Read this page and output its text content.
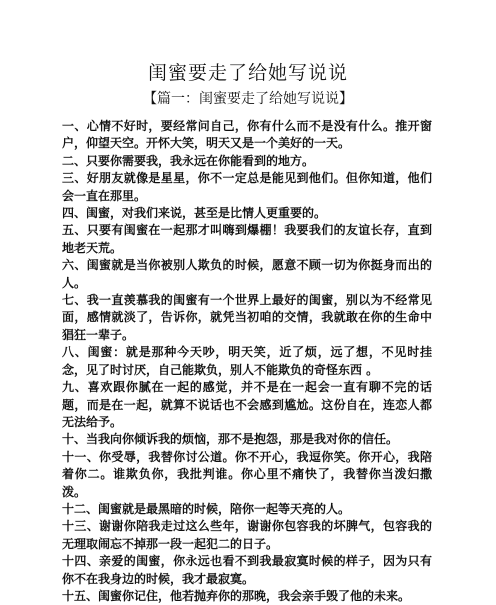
闺蜜要走了给她写说说
【篇一：闺蜜要走了给她写说说】

一、心情不好时，要经常问自己，你有什么而不是没有什么。推开窗户，仰望天空。开怀大笑，明天又是一个美好的一天。

二、只要你需要我，我永远在你能看到的地方。

三、好朋友就像是星星，你不一定总是能见到他们。但你知道，他们会一直在那里。

四、闺蜜，对我们来说，甚至是比情人更重要的。

五、只要有闺蜜在一起那才叫嗨到爆棚！我要我们的友谊长存，直到地老天荒。

六、闺蜜就是当你被别人欺负的时候，愿意不顾一切为你挺身而出的人。

七、我一直羡慕我的闺蜜有一个世界上最好的闺蜜，别以为不经常见面，感情就淡了，告诉你，就凭当初咱的交情，我就敢在你的生命中猖狂一辈子。

八、闺蜜：就是那种今天吵，明天笑，近了烦，远了想，不见时挂念，见了时讨厌，自己能欺负，别人不能欺负的奇怪东西 。

九、喜欢跟你腻在一起的感觉，并不是在一起会一直有聊不完的话题，而是在一起，就算不说话也不会感到尴尬。这份自在，连恋人都无法给予。

十、当我向你倾诉我的烦恼，那不是抱怨，那是我对你的信任。

十一、你受辱，我替你讨公道。你不开心，我逗你笑。你开心，我陪着你二。谁欺负你，我批判谁。你心里不痛快了，我替你当泼妇撒泼。

十二、闺蜜就是最黑暗的时候，陪你一起等天亮的人。

十三、谢谢你陪我走过这么些年，谢谢你包容我的坏脾气，包容我的无理取闹忘不掉那一段一起犯二的日子。

十四、亲爱的闺蜜，你永远也看不到我最寂寞时候的样子，因为只有你不在我身边的时候，我才最寂寞。

十五、闺蜜你记住，他若抛弃你的那晚，我会亲手毁了他的未来。
